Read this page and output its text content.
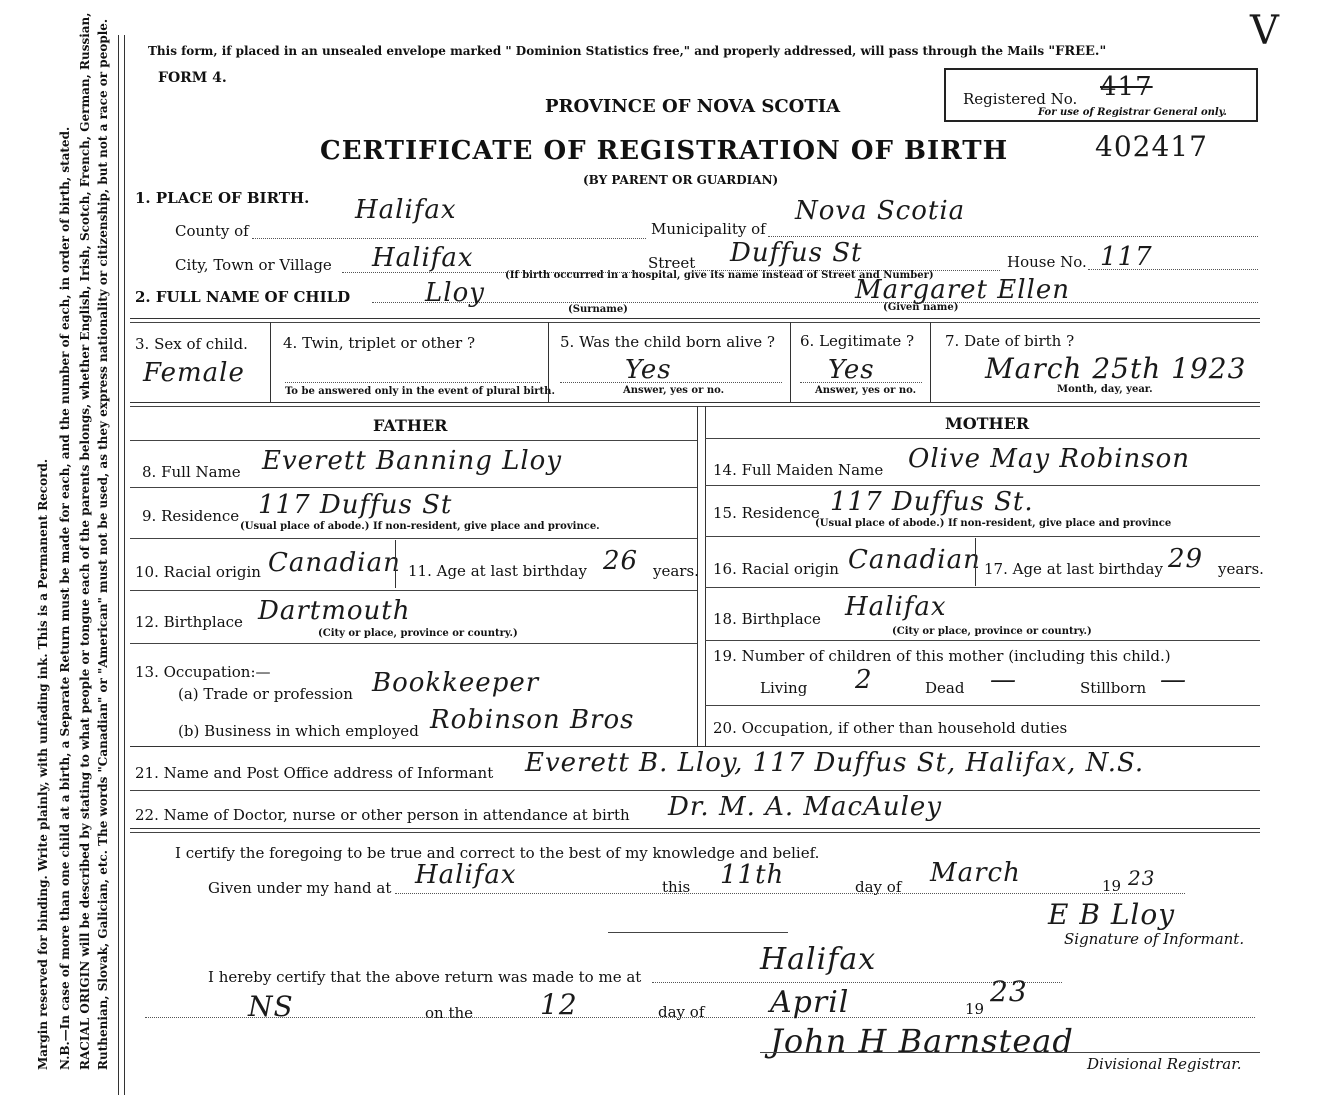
Margin reserved for binding. Write plainly, with unfading ink. This is a Permanent Record. N.B.—In case of more than one child at a birth, a Separate Return must be made for each, and the number of each, in order of birth, stated. RACIAL ORIGIN will be described by stating to what people or tongue each of the parents belongs, whether English, Irish, Scotch, French, German, Russian, Ruthenian, Slovak, Galician, etc. The words "Canadian" or "American" must not be used, as they express nationality or citizenship, but not a race or people.	This form, if placed in an unsealed envelope marked " Dominion Statistics free," and properly addressed, will pass through the Mails "FREE."
FORM 4.
PROVINCE OF NOVA SCOTIA
CERTIFICATE OF REGISTRATION OF BIRTH
(BY PARENT OR GUARDIAN)
402417
Registered No. 417
For use of Registrar General only.
V
1. PLACE OF BIRTH.
County of
Halifax
Municipality of
Nova Scotia
City, Town or Village Halifax	Street Duffus St
(If birth occurred in a hospital, give its name instead of Street and Number)
House No. 117
2. FULL NAME OF CHILD	Lloy
(Surname)
Margaret Ellen
(Given name)
3. Sex of child.
Female
4. Twin, triplet or other ?
To be answered only in the event of plural birth.
5. Was the child born alive ?
Yes
Answer, yes or no.
6. Legitimate ?
Yes
Answer, yes or no.
7. Date of birth ?
March 25th 1923
Month, day, year.
FATHER	MOTHER
8. Full Name Everett Banning Lloy
9. Residence 117 Duffus St
(Usual place of abode.) If non-resident, give place and province.
10. Racial origin Canadian 11. Age at last birthday 26 years.
12. Birthplace Dartmouth
(City or place, province or country.)
13. Occupation:—
(a) Trade or profession Bookkeeper
(b) Business in which employed Robinson Bros
14. Full Maiden Name Olive May Robinson
15. Residence 117 Duffus St.
(Usual place of abode.) If non-resident, give place and province
16. Racial origin Canadian 17. Age at last birthday 29 years.
18. Birthplace Halifax
(City or place, province or country.)
19. Number of children of this mother (including this child.)
Living 2	Dead —	Stillborn —
20. Occupation, if other than household duties
21. Name and Post Office address of Informant Everett B. Lloy, 117 Duffus St, Halifax, N.S.
22. Name of Doctor, nurse or other person in attendance at birth Dr. M. A. MacAuley
I certify the foregoing to be true and correct to the best of my knowledge and belief.
Given under my hand at Halifax	this 11th	day of March	19 23
E B Lloy
Signature of Informant.
I hereby certify that the above return was made to me at	Halifax
NS	on the 12	day of April	19
23
John H Barnstead
Divisional Registrar.
